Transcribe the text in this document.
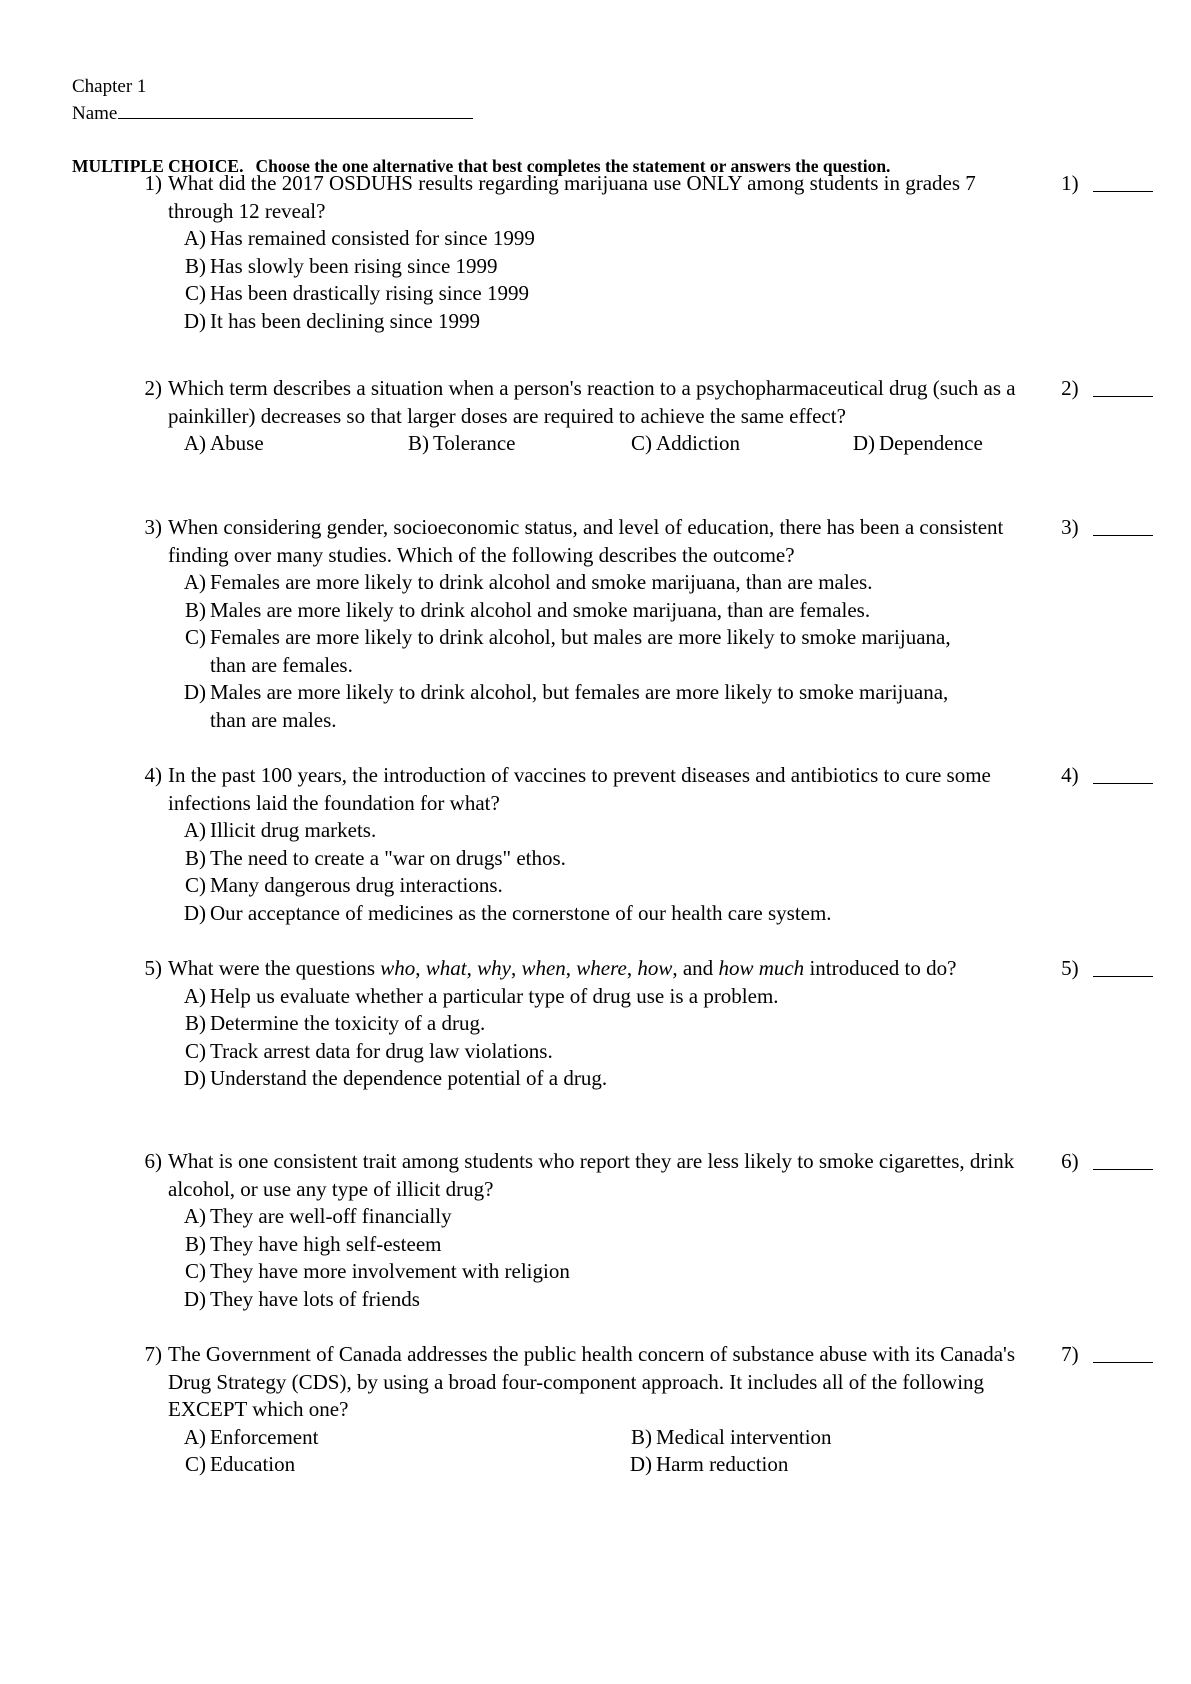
Chapter 1
Name
MULTIPLE CHOICE. Choose the one alternative that best completes the statement or answers the question.
1) What did the 2017 OSDUHS results regarding marijuana use ONLY among students in grades 7 through 12 reveal?
1)
A) Has remained consisted for since 1999
B) Has slowly been rising since 1999
C) Has been drastically rising since 1999
D) It has been declining since 1999
2) Which term describes a situation when a person's reaction to a psychopharmaceutical drug (such as a painkiller) decreases so that larger doses are required to achieve the same effect?
2)
A) Abuse	B) Tolerance	C) Addiction	D) Dependence
3) When considering gender, socioeconomic status, and level of education, there has been a consistent finding over many studies. Which of the following describes the outcome?
3)
A) Females are more likely to drink alcohol and smoke marijuana, than are males.
B) Males are more likely to drink alcohol and smoke marijuana, than are females.
C) Females are more likely to drink alcohol, but males are more likely to smoke marijuana, than are females.
D) Males are more likely to drink alcohol, but females are more likely to smoke marijuana, than are males.
4) In the past 100 years, the introduction of vaccines to prevent diseases and antibiotics to cure some infections laid the foundation for what?
4)
A) Illicit drug markets.
B) The need to create a "war on drugs" ethos.
C) Many dangerous drug interactions.
D) Our acceptance of medicines as the cornerstone of our health care system.
5) What were the questions who, what, why, when, where, how, and how much introduced to do?	5)
A) Help us evaluate whether a particular type of drug use is a problem.
B) Determine the toxicity of a drug.
C) Track arrest data for drug law violations.
D) Understand the dependence potential of a drug.
6) What is one consistent trait among students who report they are less likely to smoke cigarettes, drink alcohol, or use any type of illicit drug?
6)
A) They are well-off financially
B) They have high self-esteem
C) They have more involvement with religion
D) They have lots of friends
7) The Government of Canada addresses the public health concern of substance abuse with its Canada's Drug Strategy (CDS), by using a broad four-component approach. It includes all of the following EXCEPT which one?
7)
A) Enforcement	B) Medical intervention
C) Education	D) Harm reduction
